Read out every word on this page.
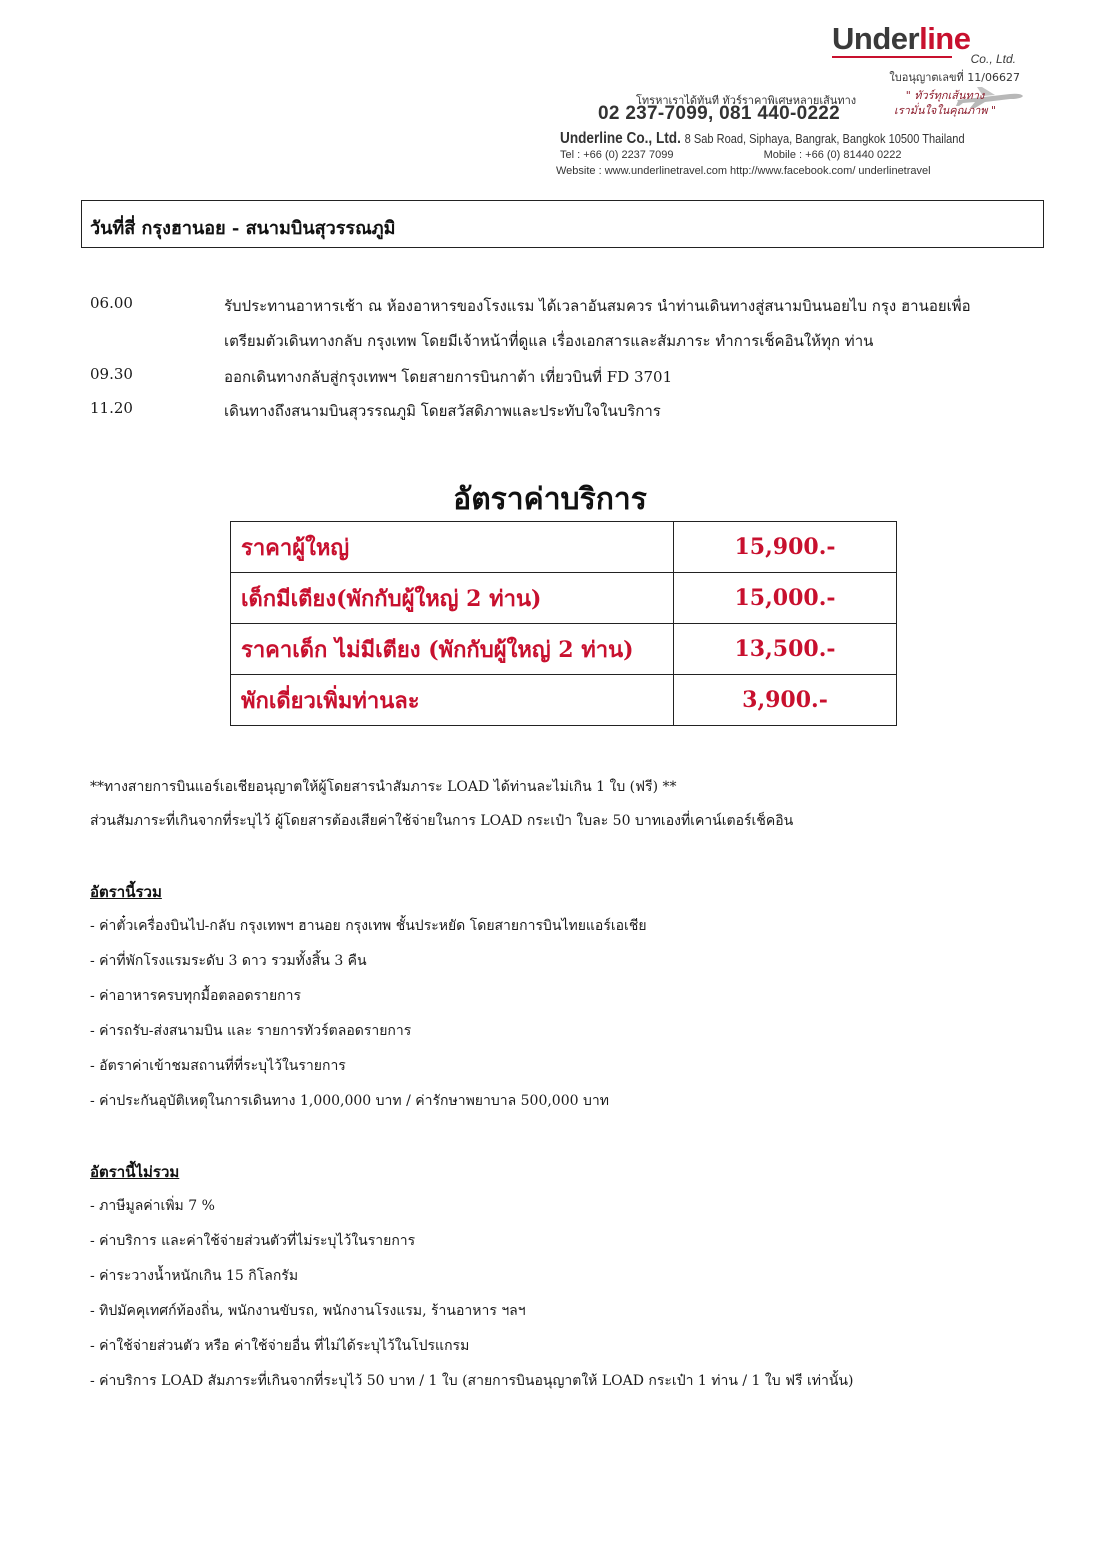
Underline
Co., Ltd.
ใบอนุญาตเลขที่ 11/06627
โทรหาเราได้ทันที ทัวร์ราคาพิเศษหลายเส้นทาง	" ทัวร์ทุกเส้นทาง
เรามั่นใจในคุณภาพ "
02 237-7099, 081 440-0222
Underline Co., Ltd. 8 Sab Road, Siphaya, Bangrak, Bangkok 10500 Thailand
Tel : +66 (0) 2237 7099	Mobile : +66 (0) 81440 0222
Website : www.underlinetravel.com http://www.facebook.com/ underlinetravel
วันที่สี่ กรุงฮานอย - สนามบินสุวรรณภูมิ
06.00	รับประทานอาหารเช้า ณ ห้องอาหารของโรงแรม ได้เวลาอันสมควร นำท่านเดินทางสู่สนามบินนอยไบ กรุง ฮานอยเพื่อ
เตรียมตัวเดินทางกลับ กรุงเทพ โดยมีเจ้าหน้าที่ดูแล เรื่องเอกสารและสัมภาระ ทำการเช็คอินให้ทุก ท่าน
09.30	ออกเดินทางกลับสู่กรุงเทพฯ โดยสายการบินกาต้า เที่ยวบินที่ FD 3701
11.20	เดินทางถึงสนามบินสุวรรณภูมิ โดยสวัสดิภาพและประทับใจในบริการ
อัตราค่าบริการ
ราคาผู้ใหญ่	15,900.-
เด็กมีเตียง(พักกับผู้ใหญ่ 2 ท่าน)	15,000.-
ราคาเด็ก ไม่มีเตียง (พักกับผู้ใหญ่ 2 ท่าน)	13,500.-
พักเดี่ยวเพิ่มท่านละ	3,900.-
**ทางสายการบินแอร์เอเชียอนุญาตให้ผู้โดยสารนำสัมภาระ LOAD ได้ท่านละไม่เกิน 1 ใบ (ฟรี) **
ส่วนสัมภาระที่เกินจากที่ระบุไว้ ผู้โดยสารต้องเสียค่าใช้จ่ายในการ LOAD กระเป๋า ใบละ 50 บาทเองที่เคาน์เตอร์เช็คอิน
อัตรานี้รวม
- ค่าตั๋วเครื่องบินไป-กลับ กรุงเทพฯ ฮานอย กรุงเทพ ชั้นประหยัด โดยสายการบินไทยแอร์เอเชีย
- ค่าที่พักโรงแรมระดับ 3 ดาว รวมทั้งสิ้น 3 คืน
- ค่าอาหารครบทุกมื้อตลอดรายการ
- ค่ารถรับ-ส่งสนามบิน และ รายการทัวร์ตลอดรายการ
- อัตราค่าเข้าชมสถานที่ที่ระบุไว้ในรายการ
- ค่าประกันอุบัติเหตุในการเดินทาง 1,000,000 บาท / ค่ารักษาพยาบาล 500,000 บาท
อัตรานี้ไม่รวม
- ภาษีมูลค่าเพิ่ม 7 %
- ค่าบริการ และค่าใช้จ่ายส่วนตัวที่ไม่ระบุไว้ในรายการ
- ค่าระวางน้ำหนักเกิน 15 กิโลกรัม
- ทิปมัคคุเทศก์ท้องถิ่น, พนักงานขับรถ, พนักงานโรงแรม, ร้านอาหาร ฯลฯ
- ค่าใช้จ่ายส่วนตัว หรือ ค่าใช้จ่ายอื่น ที่ไม่ได้ระบุไว้ในโปรแกรม
- ค่าบริการ LOAD สัมภาระที่เกินจากที่ระบุไว้ 50 บาท / 1 ใบ (สายการบินอนุญาตให้ LOAD กระเป๋า 1 ท่าน / 1 ใบ ฟรี เท่านั้น)
